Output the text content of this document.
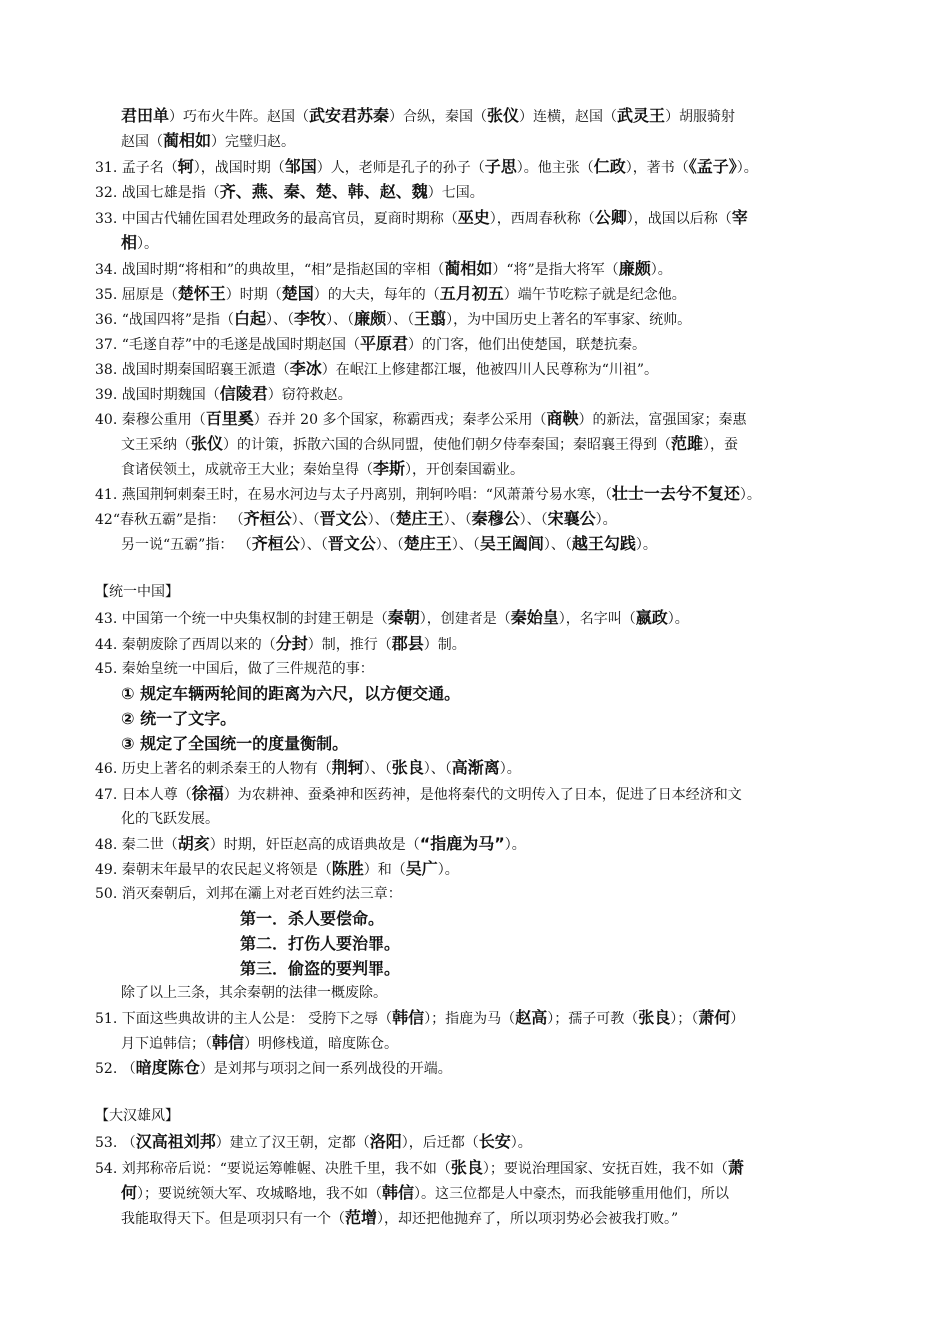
君田单）巧布火牛阵。赵国（武安君苏秦）合纵，秦国（张仪）连横，赵国（武灵王）胡服骑射
赵国（蔺相如）完璧归赵。
31. 孟子名（轲），战国时期（邹国）人，老师是孔子的孙子（子思）。他主张（仁政），著书（《孟子》）。
32. 战国七雄是指（齐、燕、秦、楚、韩、赵、魏）七国。
33. 中国古代辅佐国君处理政务的最高官员，夏商时期称（巫史），西周春秋称（公卿），战国以后称（宰
相）。
34. 战国时期“将相和”的典故里，“相”是指赵国的宰相（蔺相如）“将”是指大将军（廉颇）。
35. 屈原是（楚怀王）时期（楚国）的大夫，每年的（五月初五）端午节吃粽子就是纪念他。
36. “战国四将”是指（白起）、（李牧）、（廉颇）、（王翦），为中国历史上著名的军事家、统帅。
37. “毛遂自荐”中的毛遂是战国时期赵国（平原君）的门客，他们出使楚国，联楚抗秦。
38. 战国时期秦国昭襄王派遣（李冰）在岷江上修建都江堰，他被四川人民尊称为“川祖”。
39. 战国时期魏国（信陵君）窃符救赵。
40. 秦穆公重用（百里奚）吞并 20 多个国家，称霸西戎；秦孝公采用（商鞅）的新法，富强国家；秦惠
文王采纳（张仪）的计策，拆散六国的合纵同盟，使他们朝夕侍奉秦国；秦昭襄王得到（范雎），蚕
食诸侯领土，成就帝王大业；秦始皇得（李斯），开创秦国霸业。
41. 燕国荆轲刺秦王时，在易水河边与太子丹离别，荆轲吟唱：“风萧萧兮易水寒，（壮士一去兮不复还）。
42“春秋五霸”是指： （齐桓公）、（晋文公）、（楚庄王）、（秦穆公）、（宋襄公）。
另一说“五霸”指： （齐桓公）、（晋文公）、（楚庄王）、（吴王阖闾）、（越王勾践）。
【统一中国】
43. 中国第一个统一中央集权制的封建王朝是（秦朝），创建者是（秦始皇），名字叫（嬴政）。
44. 秦朝废除了西周以来的（分封）制，推行（郡县）制。
45. 秦始皇统一中国后，做了三件规范的事：
① 规定车辆两轮间的距离为六尺，以方便交通。
② 统一了文字。
③ 规定了全国统一的度量衡制。
46. 历史上著名的刺杀秦王的人物有（荆轲）、（张良）、（高渐离）。
47. 日本人尊（徐福）为农耕神、蚕桑神和医药神，是他将秦代的文明传入了日本，促进了日本经济和文
化的飞跃发展。
48. 秦二世（胡亥）时期，奸臣赵高的成语典故是（“指鹿为马”）。
49. 秦朝末年最早的农民起义将领是（陈胜）和（吴广）。
50. 消灭秦朝后，刘邦在灞上对老百姓约法三章：
第一．杀人要偿命。
第二．打伤人要治罪。
第三．偷盗的要判罪。
除了以上三条，其余秦朝的法律一概废除。
51. 下面这些典故讲的主人公是： 受胯下之辱（韩信）；指鹿为马（赵高）；孺子可教（张良）；（萧何）
月下追韩信；（韩信）明修栈道，暗度陈仓。
52. （暗度陈仓）是刘邦与项羽之间一系列战役的开端。
【大汉雄风】
53. （汉高祖刘邦）建立了汉王朝，定都（洛阳），后迁都（长安）。
54. 刘邦称帝后说：“要说运筹帷幄、决胜千里，我不如（张良）；要说治理国家、安抚百姓，我不如（萧
何）；要说统领大军、攻城略地，我不如（韩信）。这三位都是人中豪杰，而我能够重用他们，所以
我能取得天下。但是项羽只有一个（范增），却还把他抛弃了，所以项羽势必会被我打败。”
